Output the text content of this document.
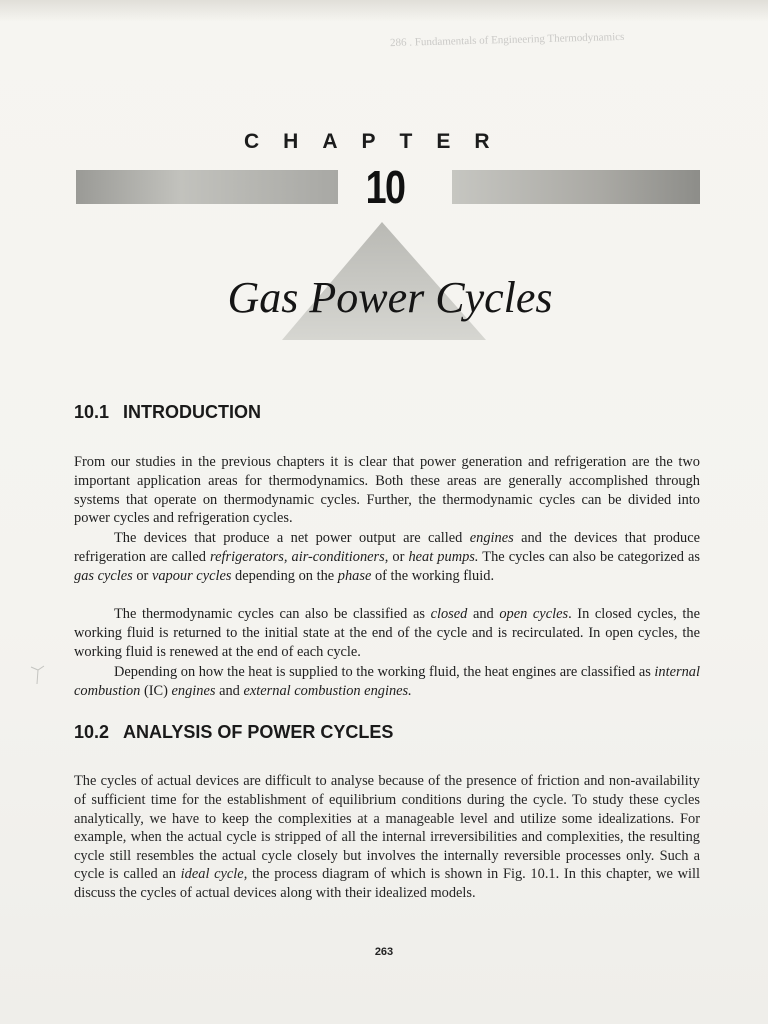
286 . Fundamentals of Engineering Thermodynamics
CHAPTER
10
Gas Power Cycles
10.1 INTRODUCTION

From our studies in the previous chapters it is clear that power generation and refrigeration are the two important application areas for thermodynamics. Both these areas are generally accomplished through systems that operate on thermodynamic cycles. Further, the thermodynamic cycles can be divided into power cycles and refrigeration cycles.

The devices that produce a net power output are called engines and the devices that produce refrigeration are called refrigerators, air-conditioners, or heat pumps. The cycles can also be categorized as gas cycles or vapour cycles depending on the phase of the working fluid.

The thermodynamic cycles can also be classified as closed and open cycles. In closed cycles, the working fluid is returned to the initial state at the end of the cycle and is recirculated. In open cycles, the working fluid is renewed at the end of each cycle.

Depending on how the heat is supplied to the working fluid, the heat engines are classified as internal combustion (IC) engines and external combustion engines.

10.2 ANALYSIS OF POWER CYCLES

The cycles of actual devices are difficult to analyse because of the presence of friction and non-availability of sufficient time for the establishment of equilibrium conditions during the cycle. To study these cycles analytically, we have to keep the complexities at a manageable level and utilize some idealizations. For example, when the actual cycle is stripped of all the internal irreversibilities and complexities, the resulting cycle still resembles the actual cycle closely but involves the internally reversible processes only. Such a cycle is called an ideal cycle, the process diagram of which is shown in Fig. 10.1. In this chapter, we will discuss the cycles of actual devices along with their idealized models.

263
